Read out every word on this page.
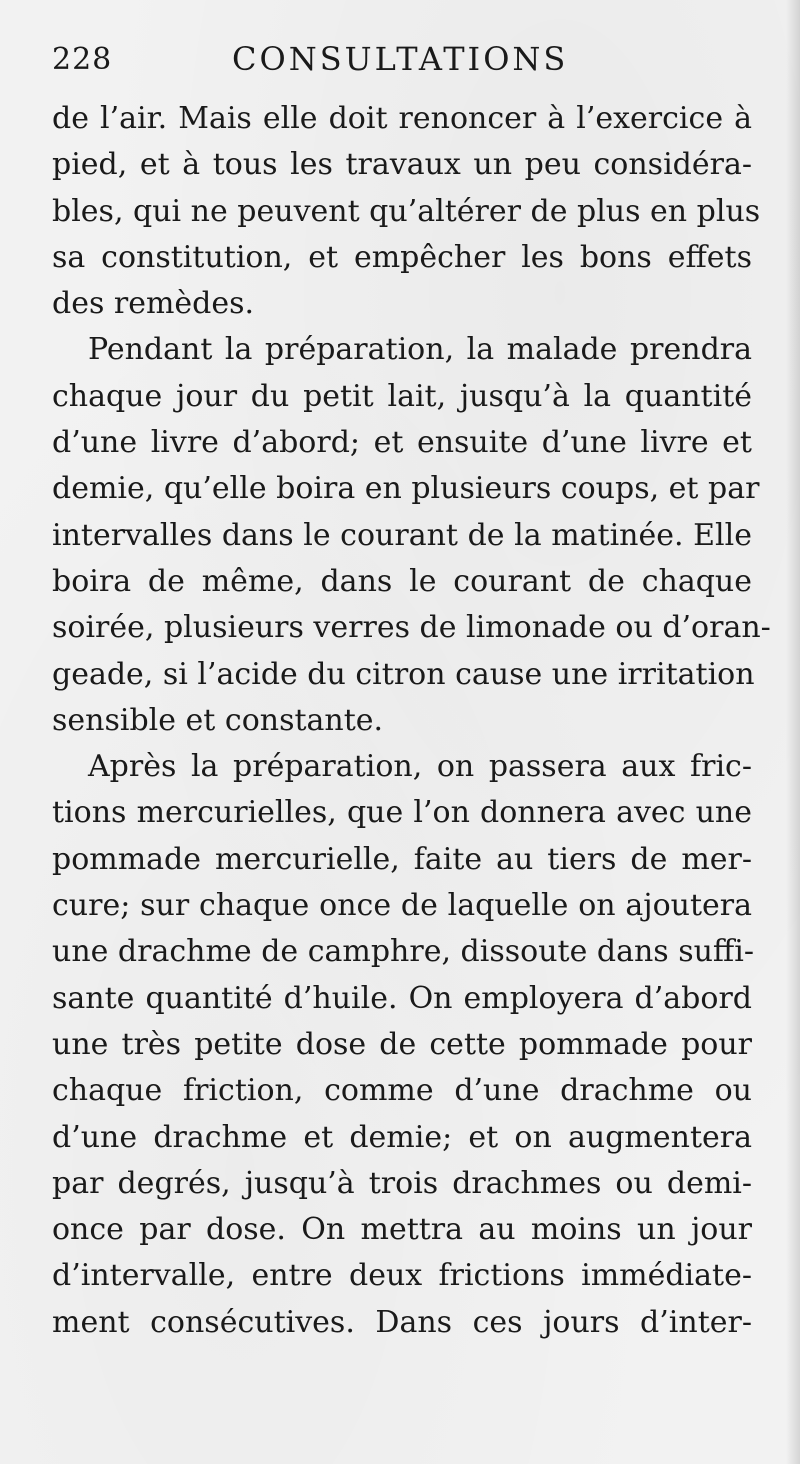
228	CONSULTATIONS
de l’air. Mais elle doit renoncer à l’exercice à
pied, et à tous les travaux un peu considéra-
bles, qui ne peuvent qu’altérer de plus en plus
sa constitution, et empêcher les bons effets
des remèdes.
Pendant la préparation, la malade prendra
chaque jour du petit lait, jusqu’à la quantité
d’une livre d’abord; et ensuite d’une livre et
demie, qu’elle boira en plusieurs coups, et par
intervalles dans le courant de la matinée. Elle
boira de même, dans le courant de chaque
soirée, plusieurs verres de limonade ou d’oran-
geade, si l’acide du citron cause une irritation
sensible et constante.
Après la préparation, on passera aux fric-
tions mercurielles, que l’on donnera avec une
pommade mercurielle, faite au tiers de mer-
cure; sur chaque once de laquelle on ajoutera
une drachme de camphre, dissoute dans suffi-
sante quantité d’huile. On employera d’abord
une très petite dose de cette pommade pour
chaque friction, comme d’une drachme ou
d’une drachme et demie; et on augmentera
par degrés, jusqu’à trois drachmes ou demi-
once par dose. On mettra au moins un jour
d’intervalle, entre deux frictions immédiate-
ment consécutives. Dans ces jours d’inter-
